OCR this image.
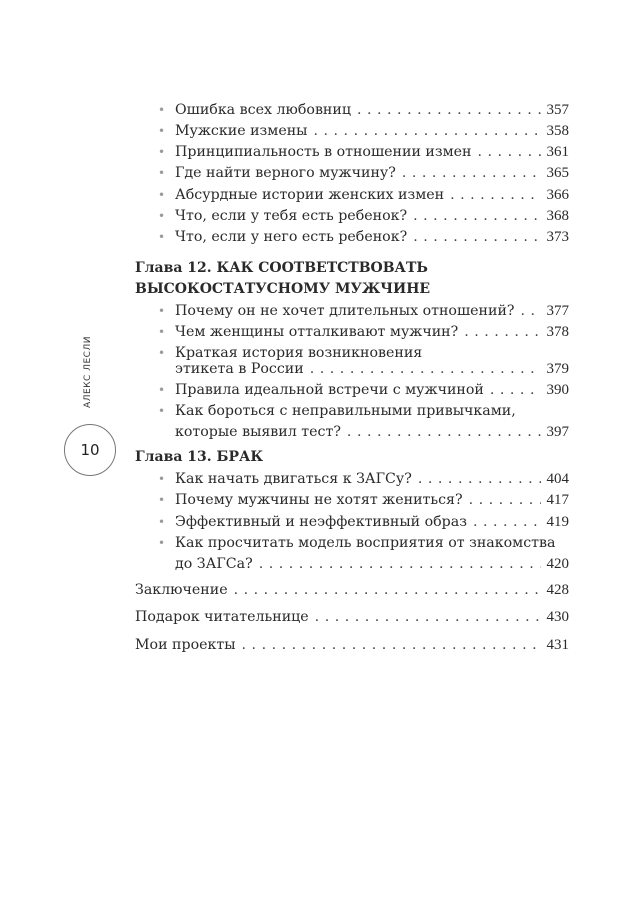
АЛЕКС ЛЕСЛИ
10
• Ошибка всех любовниц . . .	357
• Мужские измены . . .	358
• Принципиальность в отношении измен . . .	361
• Где найти верного мужчину? . . .	365
• Абсурдные истории женских измен . . .	366
• Что, если у тебя есть ребенок? . . .	368
• Что, если у него есть ребенок? . . .	373
Глава 12. КАК СООТВЕТСТВОВАТЬ
ВЫСОКОСТАТУСНОМУ МУЖЧИНЕ
• Почему он не хочет длительных отношений? . . . 377
• Чем женщины отталкивают мужчин? . . .	378
• Краткая история возникновения
этикета в России . . .	379
• Правила идеальной встречи с мужчиной . . .	390
• Как бороться с неправильными привычками,
которые выявил тест? . . .	397
Глава 13. БРАК
• Как начать двигаться к ЗАГСу? . . .	404
• Почему мужчины не хотят жениться? . . .	417
• Эффективный и неэффективный образ . . .	419
• Как просчитать модель восприятия от знакомства
до ЗАГСа? . . .	420
Заключение . . .	428
Подарок читательнице . . .	430
Мои проекты . . .	431
